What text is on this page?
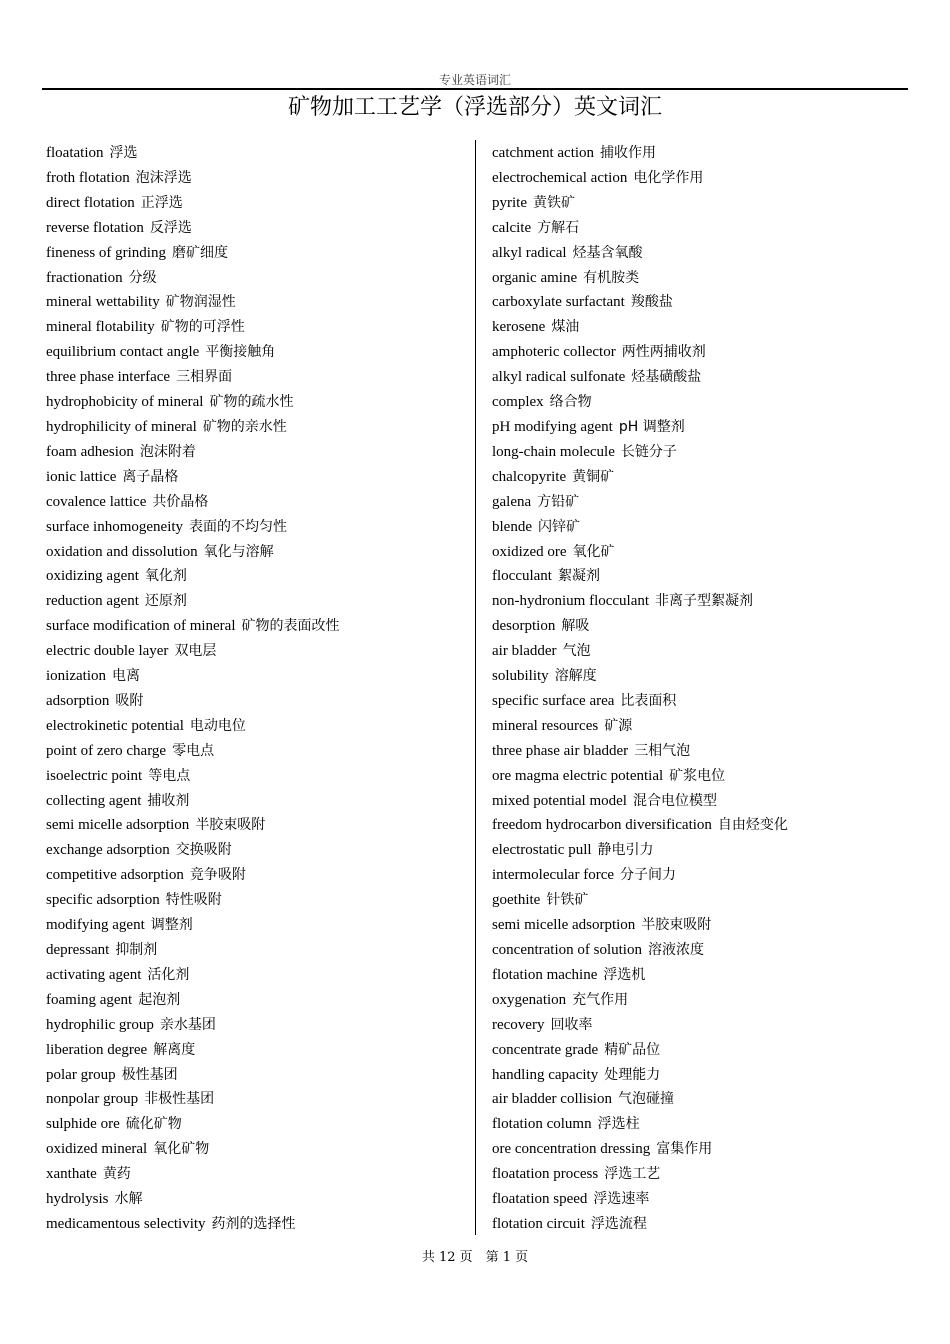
专业英语词汇
矿物加工工艺学（浮选部分）英文词汇
floatation 浮选
froth flotation 泡沫浮选
direct flotation 正浮选
reverse flotation 反浮选
fineness of grinding 磨矿细度
fractionation 分级
mineral wettability 矿物润湿性
mineral flotability 矿物的可浮性
equilibrium contact angle 平衡接触角
three phase interface 三相界面
hydrophobicity of mineral 矿物的疏水性
hydrophilicity of mineral 矿物的亲水性
foam adhesion 泡沫附着
ionic lattice 离子晶格
covalence lattice 共价晶格
surface inhomogeneity 表面的不均匀性
oxidation and dissolution 氧化与溶解
oxidizing agent 氧化剂
reduction agent 还原剂
surface modification of mineral 矿物的表面改性
electric double layer 双电层
ionization 电离
adsorption 吸附
electrokinetic potential 电动电位
point of zero charge 零电点
isoelectric point 等电点
collecting agent 捕收剂
semi micelle adsorption 半胶束吸附
exchange adsorption 交换吸附
competitive adsorption 竞争吸附
specific adsorption 特性吸附
modifying agent 调整剂
depressant 抑制剂
activating agent 活化剂
foaming agent 起泡剂
hydrophilic group 亲水基团
liberation degree 解离度
polar group 极性基团
nonpolar group 非极性基团
sulphide ore 硫化矿物
oxidized mineral 氧化矿物
xanthate 黄药
hydrolysis 水解
medicamentous selectivity 药剂的选择性
catchment action 捕收作用
electrochemical action 电化学作用
pyrite 黄铁矿
calcite 方解石
alkyl radical 烃基含氧酸
organic amine 有机胺类
carboxylate surfactant 羧酸盐
kerosene 煤油
amphoteric collector 两性两捕收剂
alkyl radical sulfonate 烃基磺酸盐
complex 络合物
pH modifying agent pH 调整剂
long-chain molecule 长链分子
chalcopyrite 黄铜矿
galena 方铅矿
blende 闪锌矿
oxidized ore 氧化矿
flocculant 絮凝剂
non-hydronium flocculant 非离子型絮凝剂
desorption 解吸
air bladder 气泡
solubility 溶解度
specific surface area 比表面积
mineral resources 矿源
three phase air bladder 三相气泡
ore magma electric potential 矿浆电位
mixed potential model 混合电位模型
freedom hydrocarbon diversification 自由烃变化
electrostatic pull 静电引力
intermolecular force 分子间力
goethite 针铁矿
semi micelle adsorption 半胶束吸附
concentration of solution 溶液浓度
flotation machine 浮选机
oxygenation 充气作用
recovery 回收率
concentrate grade 精矿品位
handling capacity 处理能力
air bladder collision 气泡碰撞
flotation column 浮选柱
ore concentration dressing 富集作用
floatation process 浮选工艺
floatation speed 浮选速率
flotation circuit 浮选流程
共 12 页　第 1 页
